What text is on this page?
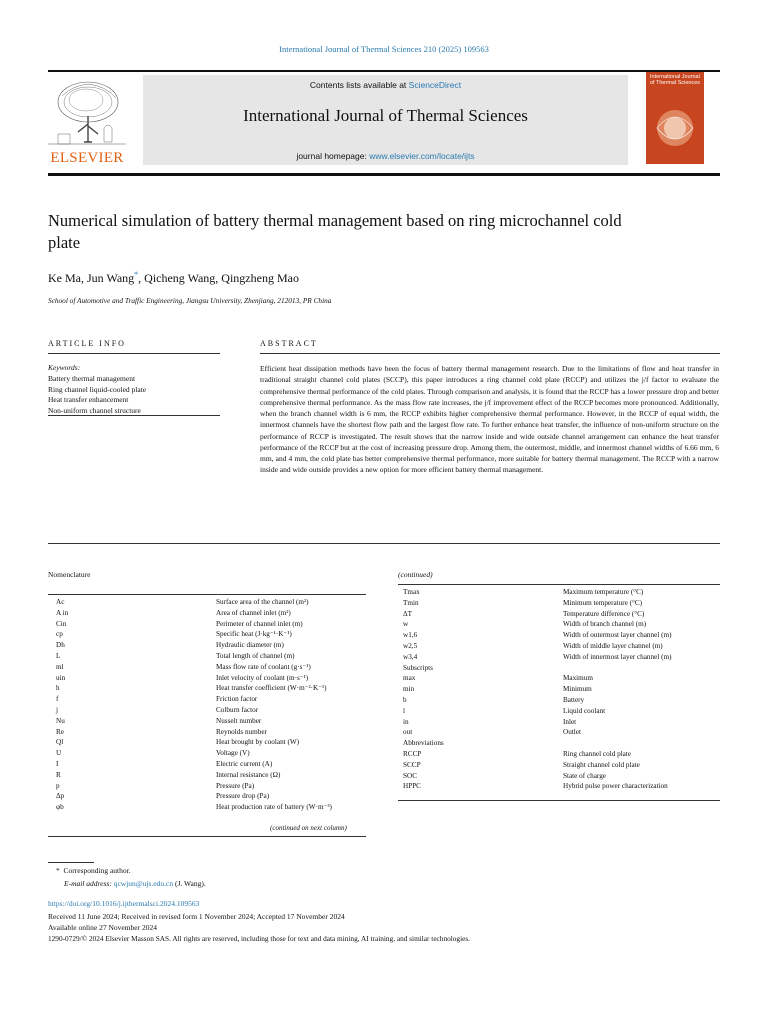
International Journal of Thermal Sciences 210 (2025) 109563
ELSEVIER
Contents lists available at ScienceDirect
International Journal of Thermal Sciences
journal homepage: www.elsevier.com/locate/ijts
International Journal of Thermal Sciences
Numerical simulation of battery thermal management based on ring microchannel cold plate
Ke Ma, Jun Wang*, Qicheng Wang, Qingzheng Mao
School of Automotive and Traffic Engineering, Jiangsu University, Zhenjiang, 212013, PR China
ARTICLE INFO	ABSTRACT
Keywords:
Battery thermal management
Ring channel liquid-cooled plate
Heat transfer enhancement
Non-uniform channel structure
Efficient heat dissipation methods have been the focus of battery thermal management research. Due to the limitations of flow and heat transfer in traditional straight channel cold plates (SCCP), this paper introduces a ring channel cold plate (RCCP) and utilizes the j/f factor to evaluate the comprehensive thermal performance of the cold plates. Through comparison and analysis, it is found that the RCCP has a lower pressure drop and better comprehensive thermal performance. As the mass flow rate increases, the j/f improvement effect of the RCCP becomes more pronounced. Additionally, when the branch channel width is 6 mm, the RCCP exhibits higher comprehensive thermal performance. However, in the RCCP of equal width, the innermost channels have the shortest flow path and the largest flow rate. To further enhance heat transfer, the influence of non-uniform structure on the performance of RCCP is investigated. The result shows that the narrow inside and wide outside channel arrangement can enhance the heat transfer performance of the RCCP but at the cost of increasing pressure drop. Among them, the outermost, middle, and innermost channel widths of 6.66 mm, 6 mm, and 4 mm, the cold plate has better comprehensive thermal performance, more suitable for battery thermal management. The RCCP with a narrow inside and wide outside provides a new option for more efficient battery thermal management.
Nomenclature
Ac	Surface area of the channel (m²)
A in	Area of channel inlet (m²)
Cin	Perimeter of channel inlet (m)
cp	Specific heat (J·kg⁻¹·K⁻¹)
Dh	Hydraulic diameter (m)
L	Total length of channel (m)
ml	Mass flow rate of coolant (g·s⁻¹)
uin	Inlet velocity of coolant (m·s⁻¹)
h	Heat transfer coefficient (W·m⁻²·K⁻¹)
f	Friction factor
j	Colburn factor
Nu	Nusselt number
Re	Reynolds number
Ql	Heat brought by coolant (W)
U	Voltage (V)
I	Electric current (A)
R	Internal resistance (Ω)
p	Pressure (Pa)
Δp	Pressure drop (Pa)
φb	Heat production rate of battery (W·m⁻³)
(continued on next column)
(continued)
Tmax	Maximum temperature (°C)
Tmin	Minimum temperature (°C)
ΔT	Temperature difference (°C)
w	Width of branch channel (m)
w1,6	Width of outermost layer channel (m)
w2,5	Width of middle layer channel (m)
w3,4	Width of innermost layer channel (m)
Subscripts	
max	Maximum
min	Minimum
b	Battery
l	Liquid coolant
in	Inlet
out	Outlet
Abbreviations	
RCCP	Ring channel cold plate
SCCP	Straight channel cold plate
SOC	State of charge
HPPC	Hybrid pulse power characterization
* Corresponding author.
E-mail address: qcwjun@ujs.edu.cn (J. Wang).
https://doi.org/10.1016/j.ijthermalsci.2024.109563
Received 11 June 2024; Received in revised form 1 November 2024; Accepted 17 November 2024
Available online 27 November 2024
1290-0729/© 2024 Elsevier Masson SAS. All rights are reserved, including those for text and data mining, AI training, and similar technologies.
